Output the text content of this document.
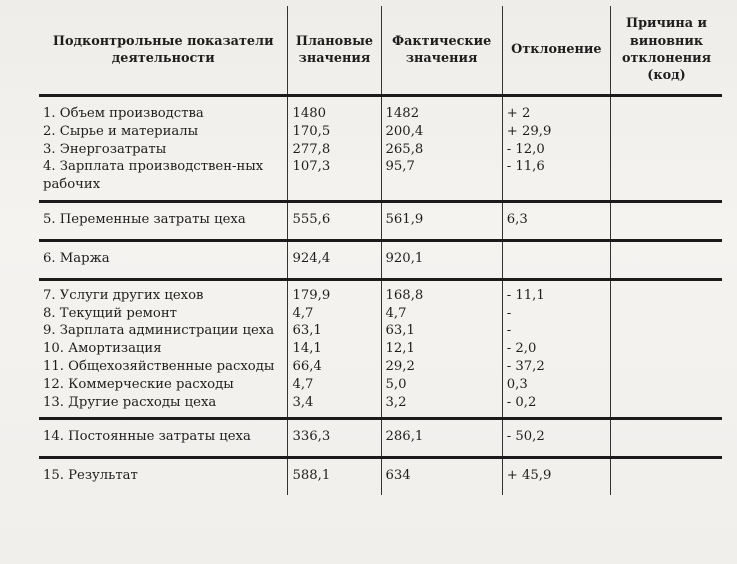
Подконтрольные показатели деятельности	Плановые значения	Фактические значения	Отклонение	Причина и виновник отклонения (код)
1. Объем производства	1480	1482	+ 2	
2. Сырье и материалы	170,5	200,4	+ 29,9	
3. Энергозатраты	277,8	265,8	- 12,0	
4. Зарплата производствен-ных рабочих	107,3	95,7	- 11,6	
5. Переменные затраты цеха	555,6	561,9	6,3	
6. Маржа	924,4	920,1		
7. Услуги других цехов	179,9	168,8	- 11,1	
8. Текущий ремонт	4,7	4,7	-	
9. Зарплата администрации цеха	63,1	63,1	-	
10. Амортизация	14,1	12,1	- 2,0	
11. Общехозяйственные расходы	66,4	29,2	- 37,2	
12. Коммерческие расходы	4,7	5,0	0,3	
13. Другие расходы цеха	3,4	3,2	- 0,2	
14. Постоянные затраты цеха	336,3	286,1	- 50,2	
15. Результат	588,1	634	+ 45,9	
